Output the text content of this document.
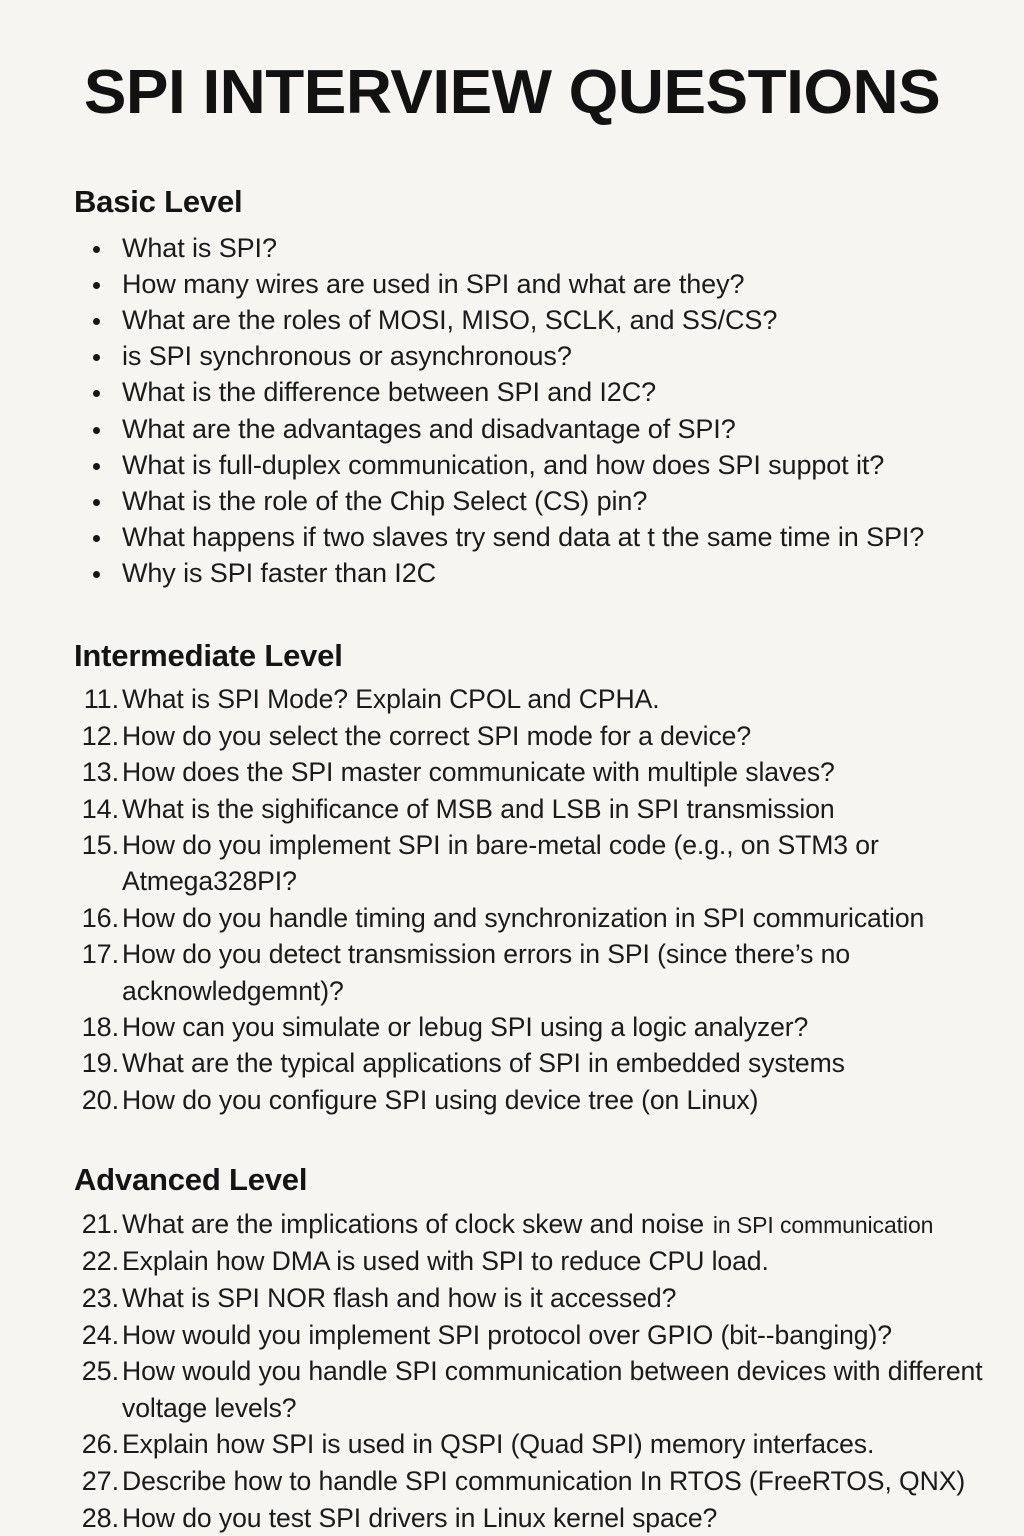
SPI INTERVIEW QUESTIONS
Basic Level
What is SPI?
How many wires are used in SPI and what are they?
What are the roles of MOSI, MISO, SCLK, and SS/CS?
is SPI synchronous or asynchronous?
What is the difference between SPI and I2C?
What are the advantages and disadvantage of SPI?
What is full-duplex communication, and how does SPI suppot it?
What is the role of the Chip Select (CS) pin?
What happens if two slaves try send data at t the same time in SPI?
Why is SPI faster than I2C
Intermediate Level
11. What is SPI Mode? Explain CPOL and CPHA.
12. How do you select the correct SPI mode for a device?
13. How does the SPI master communicate with multiple slaves?
14. What is the sighificance of MSB and LSB in SPI transmission
15. How do you implement SPI in bare-metal code (e.g., on STM3 or Atmega328PI?
16. How do you handle timing and synchronization in SPI commurication
17. How do you detect transmission errors in SPI (since there’s no acknowledgemnt)?
18. How can you simulate or lebug SPI using a logic analyzer?
19. What are the typical applications of SPI in embedded systems
20. How do you configure SPI using device tree (on Linux)
Advanced Level
21. What are the implications of clock skew and noisein SPI communication
22. Explain how DMA is used with SPI to reduce CPU load.
23. What is SPI NOR flash and how is it accessed?
24. How would you implement SPI protocol over GPIO (bit--banging)?
25. How would you handle SPI communication between devices with different voltage levels?
26. Explain how SPI is used in QSPI (Quad SPI) memory interfaces.
27. Describe how to handle SPI communication In RTOS (FreeRTOS, QNX)
28. How do you test SPI drivers in Linux kernel space?
